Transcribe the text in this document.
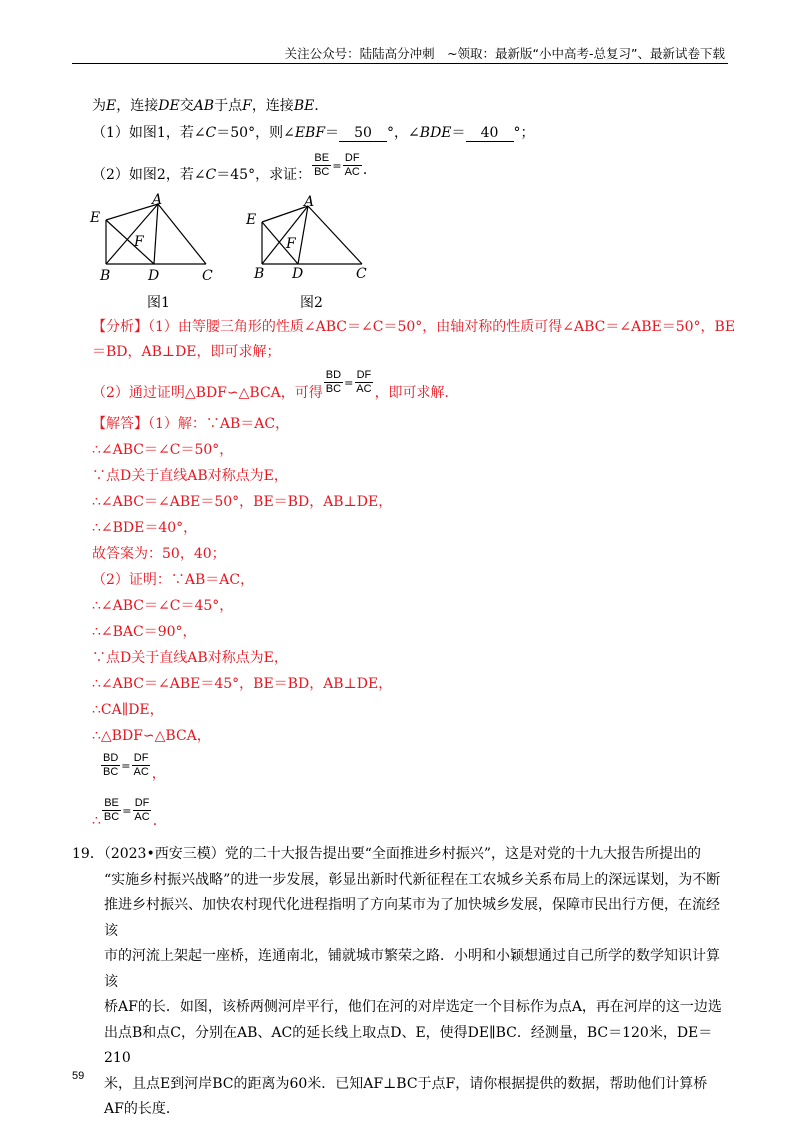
关注公众号：陆陆高分冲刺　~领取：最新版“小中高考-总复习”、最新试卷下载
为E，连接DE交AB于点F，连接BE．
（1）如图1，若∠C＝50°，则∠EBF＝ 50 °，∠BDE＝ 40 °；
（2）如图2，若∠C＝45°，求证： $\frac{BE}{BC} = \frac{DF}{AC}$ ．
E
A
F
B	D	C
图1
E
A
F
B D	C
图2
【分析】（1）由等腰三角形的性质∠ABC＝∠C＝50°，由轴对称的性质可得∠ABC＝∠ABE＝50°，BE
＝BD，AB⊥DE，即可求解；
（2）通过证明△BDF∽△BCA，可得 $\frac{BD}{BC} = \frac{DF}{AC}$ ，即可求解．
【解答】（1）解：∵AB＝AC，
∴∠ABC＝∠C＝50°，
∵点D关于直线AB对称点为E，
∴∠ABC＝∠ABE＝50°，BE＝BD，AB⊥DE，
∴∠BDE＝40°，
故答案为：50，40；
（2）证明：∵AB＝AC，
∴∠ABC＝∠C＝45°，
∴∠BAC＝90°，
∵点D关于直线AB对称点为E，
∴∠ABC＝∠ABE＝45°，BE＝BD，AB⊥DE，
∴CA∥DE，
∴△BDF∽△BCA，
$\frac{BD}{BC} = \frac{DF}{AC}$ ，
∴ $\frac{BE}{BC} = \frac{DF}{AC}$ ．
19．（2023•西安三模）党的二十大报告提出要“全面推进乡村振兴”，这是对党的十九大报告所提出的
“实施乡村振兴战略”的进一步发展，彰显出新时代新征程在工农城乡关系布局上的深远谋划，为不断
推进乡村振兴、加快农村现代化进程指明了方向某市为了加快城乡发展，保障市民出行方便，在流经该
市的河流上架起一座桥，连通南北，铺就城市繁荣之路．小明和小颖想通过自己所学的数学知识计算该
桥AF的长．如图，该桥两侧河岸平行，他们在河的对岸选定一个目标作为点A，再在河岸的这一边选
出点B和点C，分别在AB、AC的延长线上取点D、E，使得DE∥BC．经测量，BC＝120米，DE＝210
米，且点E到河岸BC的距离为60米．已知AF⊥BC于点F，请你根据提供的数据，帮助他们计算桥
AF的长度．
59
